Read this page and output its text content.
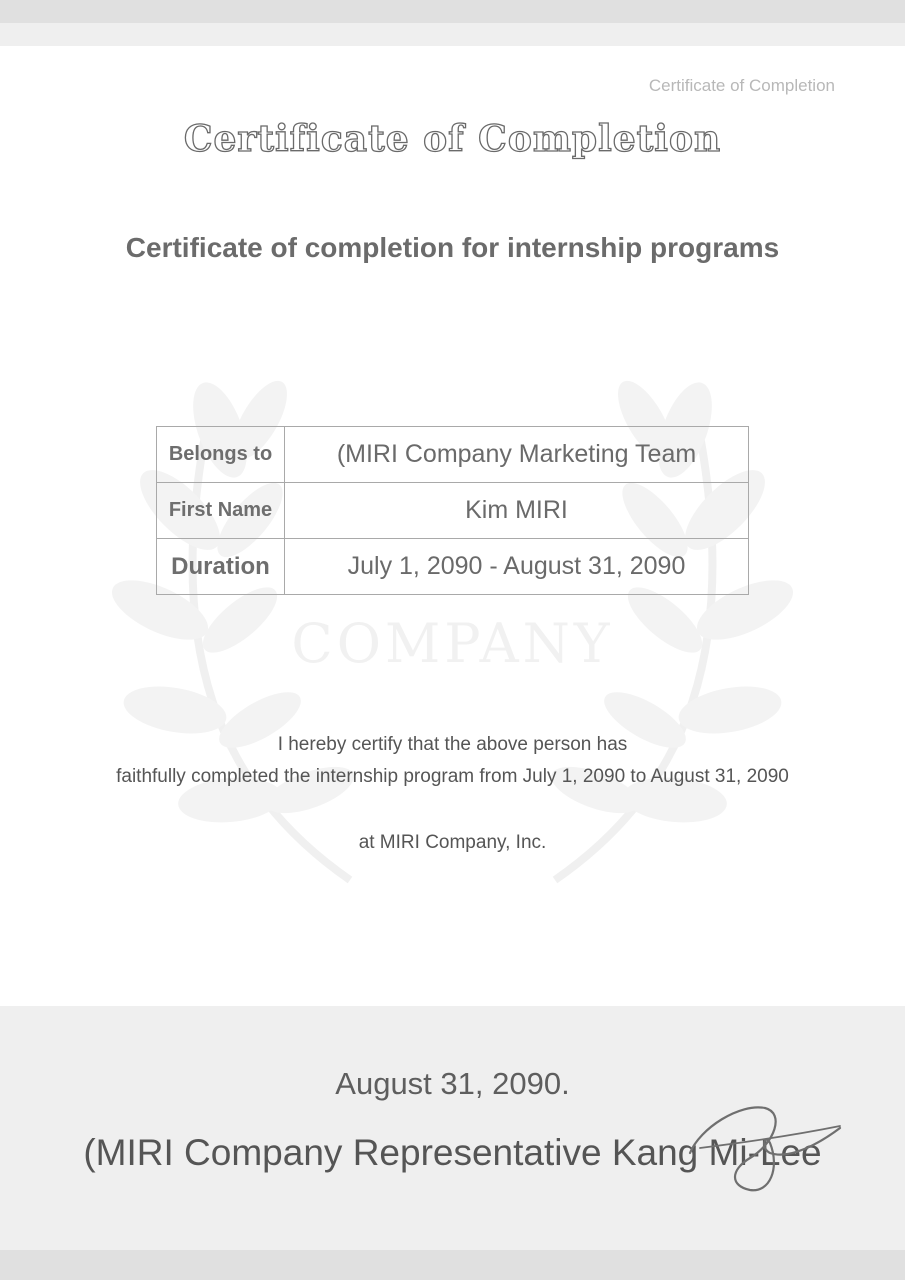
Certificate of Completion
COMPANY
Certificate of Completion
Certificate of completion for internship programs
Belongs to	(MIRI Company Marketing Team
First Name	Kim MIRI
Duration	July 1, 2090 - August 31, 2090
I hereby certify that the above person has
faithfully completed the internship program from July 1, 2090 to August 31, 2090
at MIRI Company, Inc.
August 31, 2090.
(MIRI Company Representative Kang Mi-Lee
